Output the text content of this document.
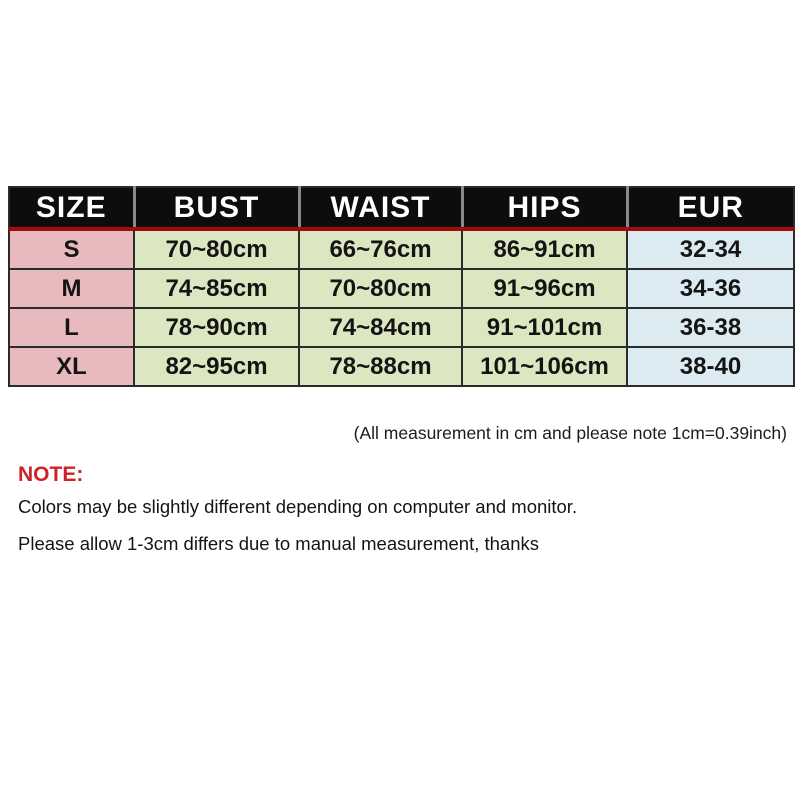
SIZE	BUST	WAIST	HIPS	EUR
S	70~80cm	66~76cm	86~91cm	32-34
M	74~85cm	70~80cm	91~96cm	34-36
L	78~90cm	74~84cm	91~101cm	36-38
XL	82~95cm	78~88cm	101~106cm	38-40
(All measurement in cm and please note 1cm=0.39inch)
NOTE:
Colors may be slightly different depending on computer and monitor.
Please allow 1-3cm differs due to manual measurement, thanks
